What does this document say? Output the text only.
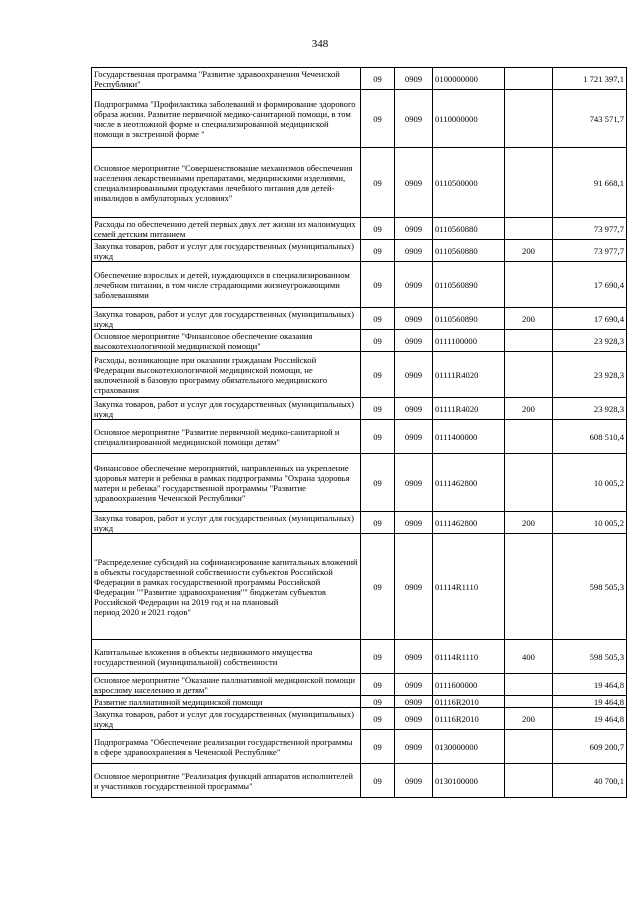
348
Государственная программа "Развитие здравоохранения Чеченской Республики"	09	0909	0100000000		1 721 397,1
Подпрограмма "Профилактика заболеваний и формирование здорового образа жизни. Развитие первичной медико-санитарной помощи, в том числе в неотложной форме и специализированной медицинской помощи в экстренной форме "	09	0909	0110000000		743 571,7
Основное мероприятие "Совершенствование механизмов обеспечения населения лекарственными препаратами, медицинскими изделиями, специализированными продуктами лечебного питания для детей-инвалидов в амбулаторных условиях"	09	0909	0110500000		91 668,1
Расходы по обеспечению детей первых двух лет жизни из малоимущих семей детским питанием	09	0909	0110560880		73 977,7
Закупка товаров, работ и услуг для государственных (муниципальных) нужд	09	0909	0110560880	200	73 977,7
Обеспечение взрослых и детей, нуждающихся в специализированном лечебном питании, в том числе страдающими жизнеугрожающими заболеваниями	09	0909	0110560890		17 690,4
Закупка товаров, работ и услуг для государственных (муниципальных) нужд	09	0909	0110560890	200	17 690,4
Основное мероприятие "Финансовое обеспечение оказания высокотехнологичной медицинской помощи"	09	0909	0111100000		23 928,3
Расходы, возникающие при оказании гражданам Российской Федерации высокотехнологичной медицинской помощи, не включенной в базовую программу обязательного медицинского страхования	09	0909	01111R4020		23 928,3
Закупка товаров, работ и услуг для государственных (муниципальных) нужд	09	0909	01111R4020	200	23 928,3
Основное мероприятие "Развитие первичной медико-санитарной и специализированной медицинской помощи детям"	09	0909	0111400000		608 510,4
Финансовое обеспечение мероприятий, направленных на укрепление здоровья матери и ребенка в рамках подпрограммы "Охрана здоровья матери и ребенка" государственной программы "Развитие здравоохранения Чеченской Республики"	09	0909	0111462800		10 005,2
Закупка товаров, работ и услуг для государственных (муниципальных) нужд	09	0909	0111462800	200	10 005,2
"Распределение субсидий на софинансирование капитальных вложений в объекты государственной собственности субъектов Российской Федерации в рамках государственной программы Российской Федерации ""Развитие здравоохранения"" бюджетам субъектов Российской Федерации на 2019 год и на плановый
период 2020 и 2021 годов"	09	0909	01114R1110		598 505,3
Капитальные вложения в объекты недвижимого имущества государственной (муниципальной) собственности	09	0909	01114R1110	400	598 505,3
Основное мероприятие "Оказание паллиативной медицинской помощи взрослому населению и детям"	09	0909	0111600000		19 464,8
Развитие паллиативной медицинской помощи	09	0909	01116R2010		19 464,8
Закупка товаров, работ и услуг для государственных (муниципальных) нужд	09	0909	01116R2010	200	19 464,8
Подпрограмма "Обеспечение реализации государственной программы в сфере здравоохранения в Чеченской Республике"	09	0909	0130000000		609 200,7
Основное мероприятие "Реализация функций аппаратов исполнителей и участников государственной программы"	09	0909	0130100000		40 700,1
